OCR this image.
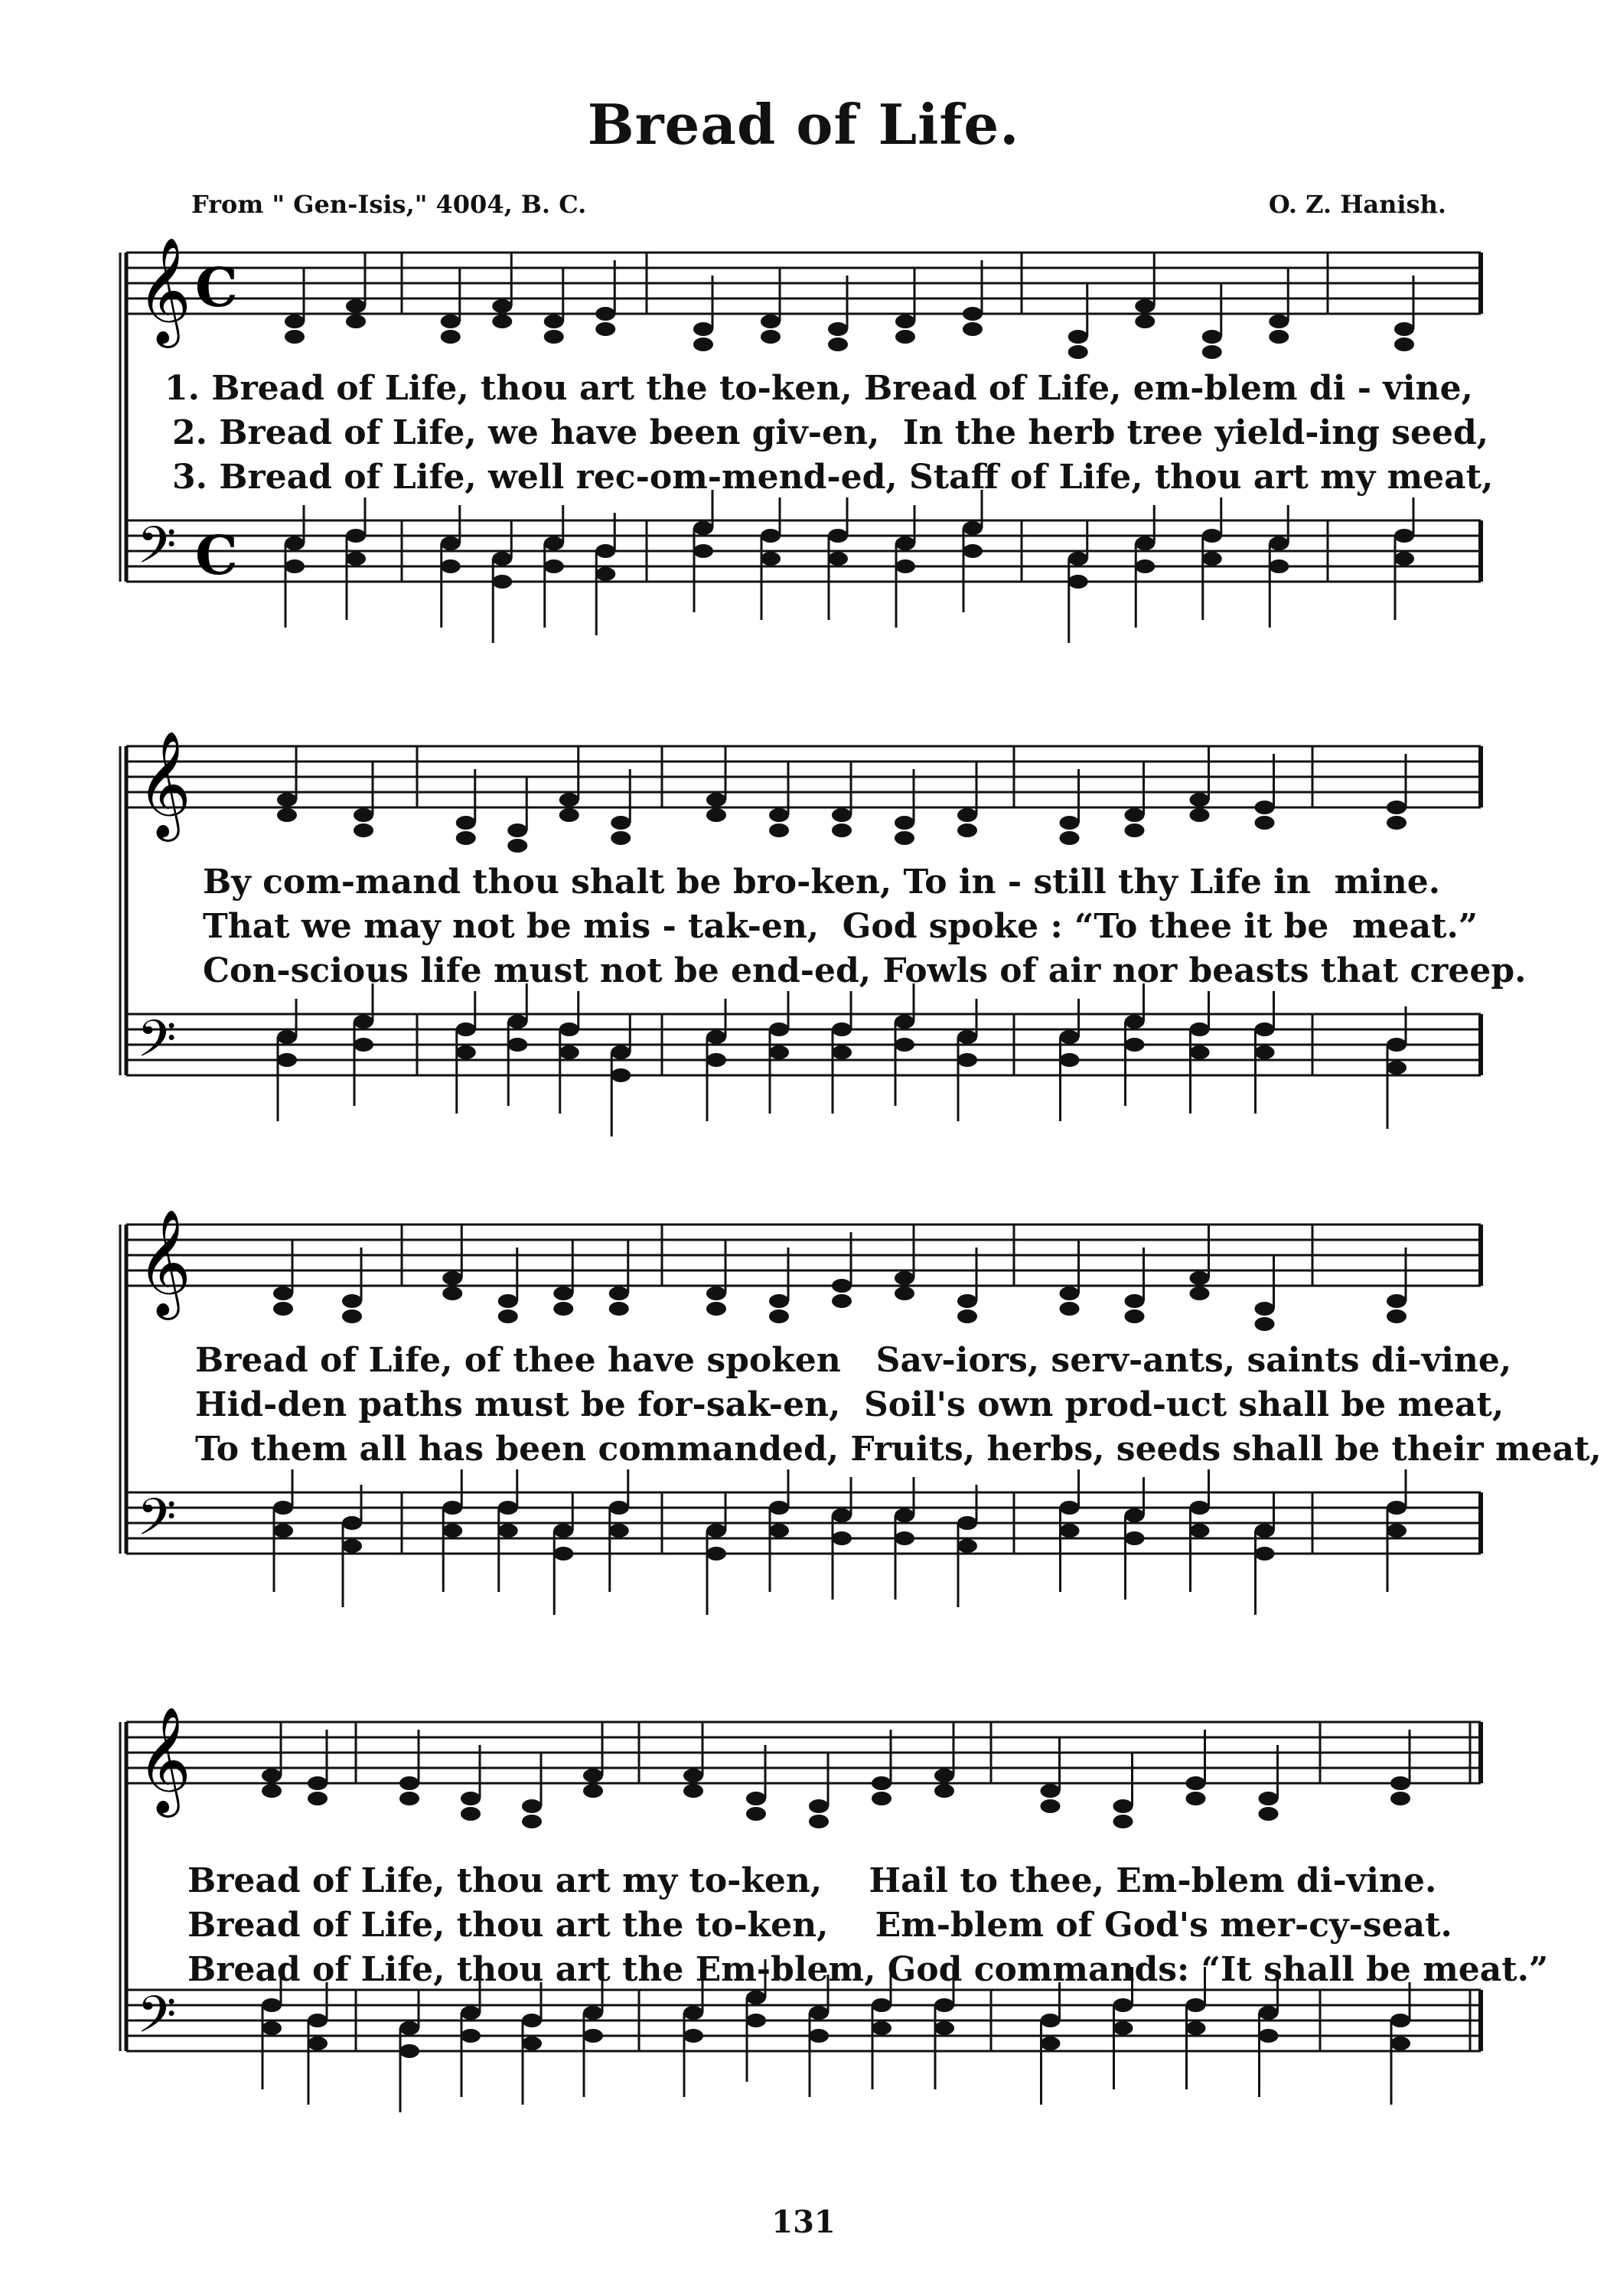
Bread of Life.
From " Gen-Isis," 4004, B. C.	O. Z. Hanish.
𝄞
𝄢
C
C
1. Bread of Life, thou art the to-ken, Bread of Life, em-blem di - vine,
2. Bread of Life, we have been giv-en,  In the herb tree yield-ing seed,
3. Bread of Life, well rec-om-mend-ed, Staff of Life, thou art my meat,
𝄞
𝄢
By com-mand thou shalt be bro-ken, To in - still thy Life in  mine.
That we may not be mis - tak-en,  God spoke : “To thee it be  meat.”
Con-scious life must not be end-ed, Fowls of air nor beasts that creep.
𝄞
𝄢
Bread of Life, of thee have spoken   Sav-iors, serv-ants, saints di-vine,
Hid-den paths must be for-sak-en,  Soil's own prod-uct shall be meat,
To them all has been commanded, Fruits, herbs, seeds shall be their meat,
𝄞
𝄢
Bread of Life, thou art my to-ken,    Hail to thee, Em-blem di-vine.
Bread of Life, thou art the to-ken,    Em-blem of God's mer-cy-seat.
Bread of Life, thou art the Em-blem, God commands: “It shall be meat.”
131
